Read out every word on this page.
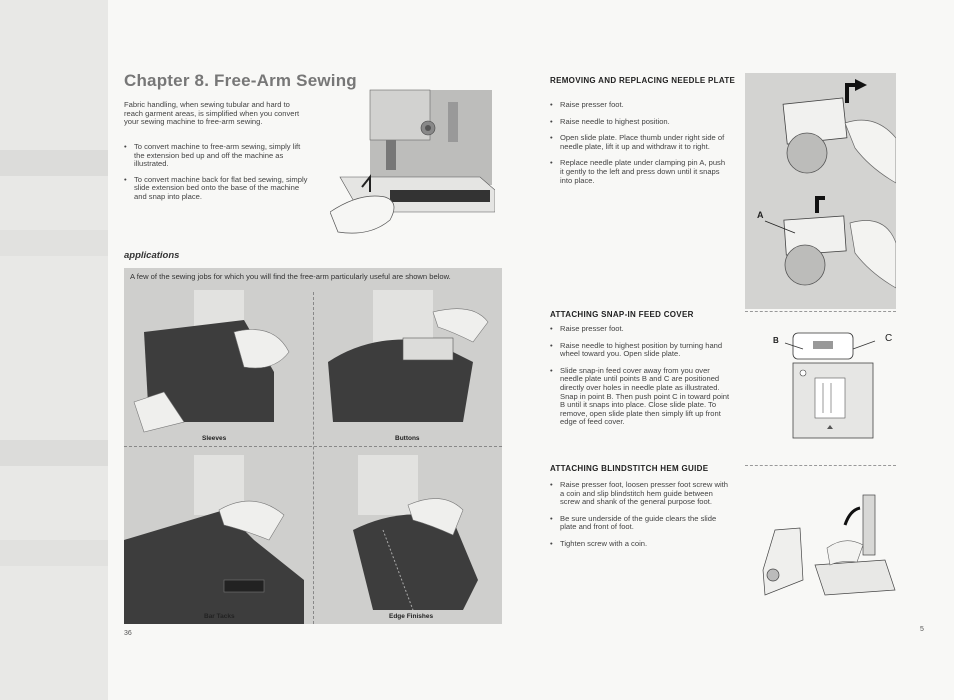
Chapter 8. Free-Arm Sewing

Fabric handling, when sewing tubular and hard to reach garment areas, is simplified when you convert your sewing machine to free-arm sewing.

• To convert machine to free-arm sewing, simply lift the extension bed up and off the machine as illustrated.
• To convert machine back for flat bed sewing, simply slide extension bed onto the base of the machine and snap into place.
applications
A few of the sewing jobs for which you will find the free-arm particularly useful are shown below.
Sleeves	Buttons
Bar Tacks	Edge Finishes
36
REMOVING AND REPLACING NEEDLE PLATE
• Raise presser foot.
• Raise needle to highest position.
• Open slide plate. Place thumb under right side of needle plate, lift it up and withdraw it to right.
• Replace needle plate under clamping pin A, push it gently to the left and press down until it snaps into place.
ATTACHING SNAP-IN FEED COVER
• Raise presser foot.
• Raise needle to highest position by turning hand wheel toward you. Open slide plate.
• Slide snap-in feed cover away from you over needle plate until points B and C are positioned directly over holes in needle plate as illustrated. Snap in point B. Then push point C in toward point B until it snaps into place. Close slide plate. To remove, open slide plate then simply lift up front edge of feed cover.
ATTACHING BLINDSTITCH HEM GUIDE
• Raise presser foot, loosen presser foot screw with a coin and slip blindstitch hem guide between screw and shank of the general purpose foot.
• Be sure underside of the guide clears the slide plate and front of foot.
• Tighten screw with a coin.
A
B	C
5
